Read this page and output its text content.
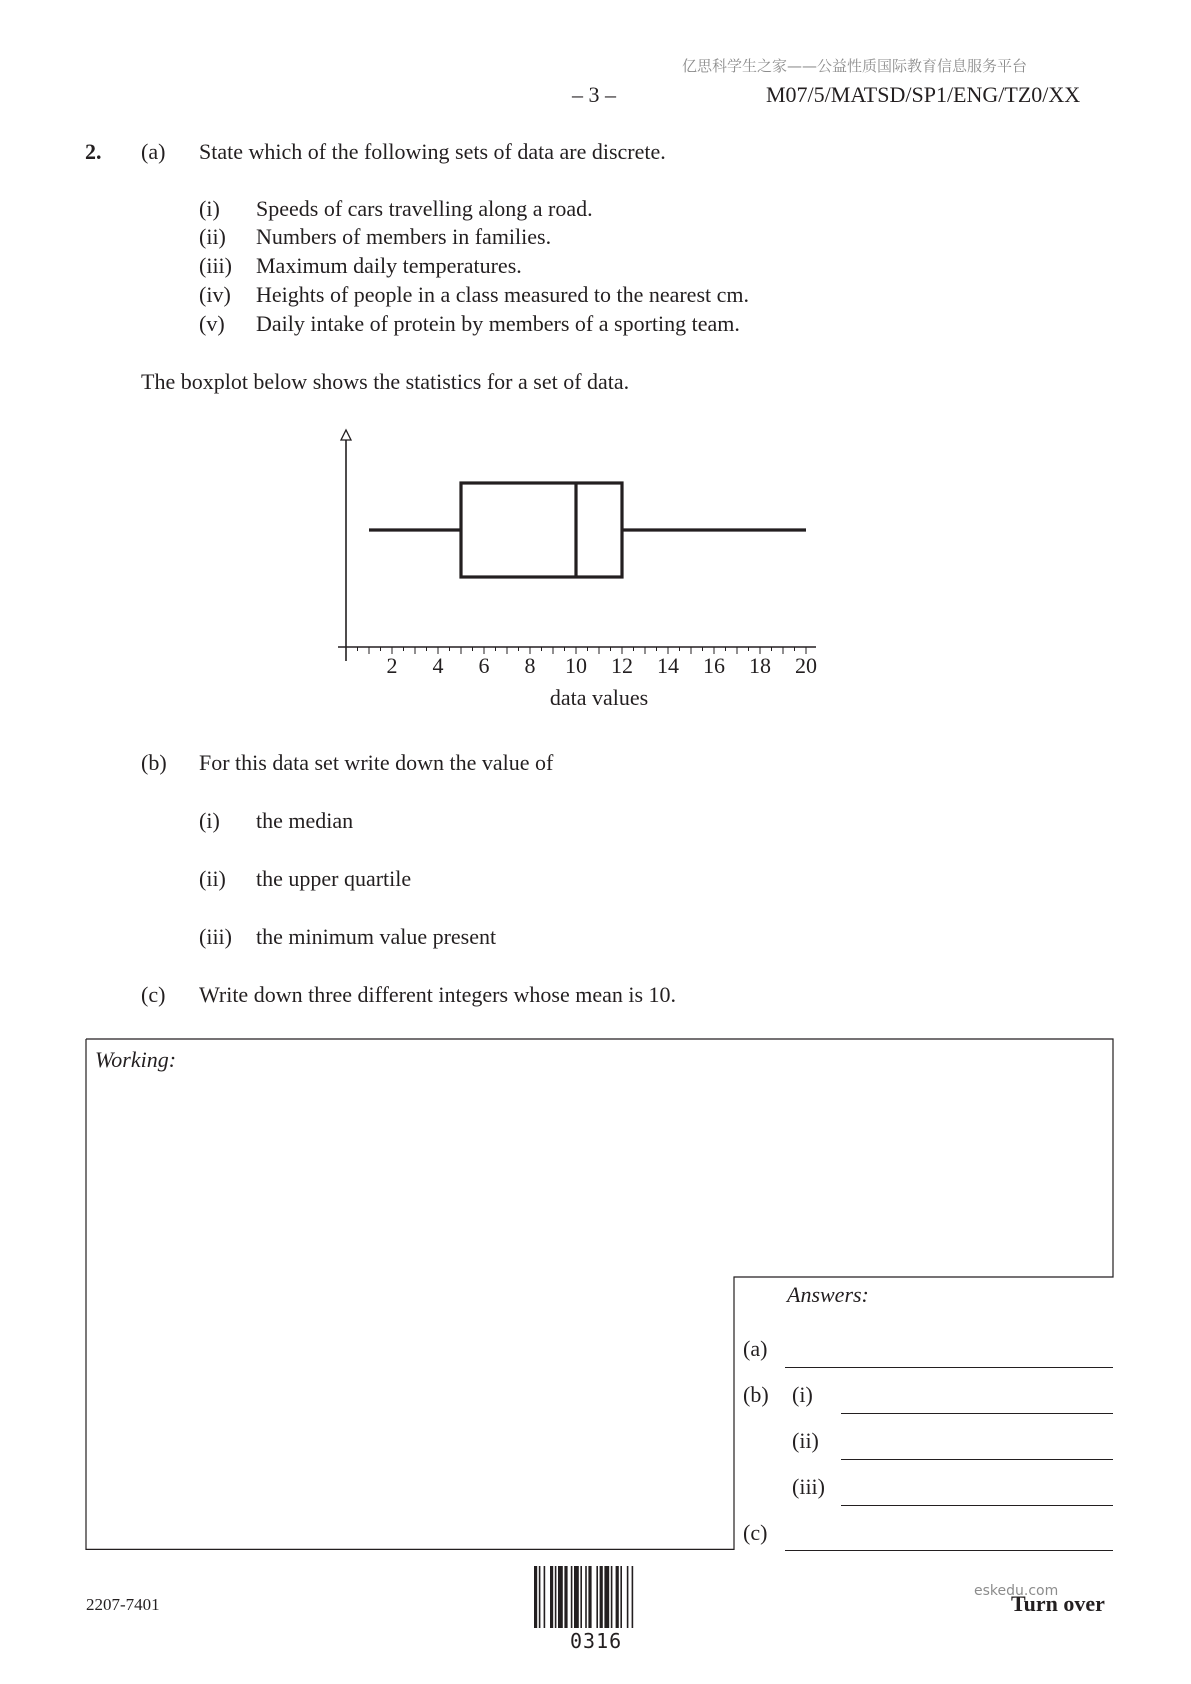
亿思科学生之家——公益性质国际教育信息服务平台
– 3 –	M07/5/MATSD/SP1/ENG/TZ0/XX
2. (a) State which of the following sets of data are discrete.
(i) Speeds of cars travelling along a road.
(ii) Numbers of members in families.
(iii) Maximum daily temperatures.
(iv) Heights of people in a class measured to the nearest cm.
(v) Daily intake of protein by members of a sporting team.
The boxplot below shows the statistics for a set of data.
2 4 6 8 10 12 14 16 18 20
data values
(b) For this data set write down the value of
(i) the median
(ii) the upper quartile
(iii) the minimum value present
(c) Write down three different integers whose mean is 10.
Working:
Answers:
(a)
(b) (i)
(ii)
(iii)
(c)
2207-7401
0316
eskedu.com
Turn over
